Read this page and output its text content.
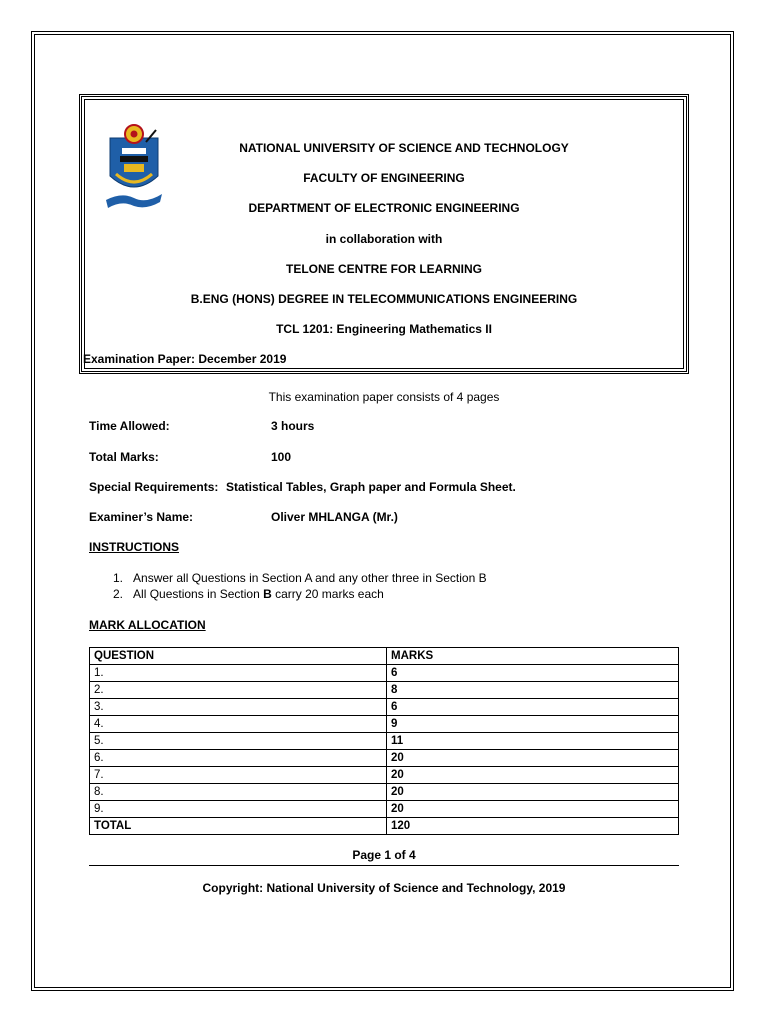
NATIONAL UNIVERSITY OF SCIENCE AND TECHNOLOGY
FACULTY OF ENGINEERING
DEPARTMENT OF ELECTRONIC ENGINEERING
in collaboration with
TELONE CENTRE FOR LEARNING
B.ENG (HONS) DEGREE IN TELECOMMUNICATIONS ENGINEERING
TCL 1201: Engineering Mathematics II
Examination Paper: December 2019
This examination paper consists of 4 pages
Time Allowed:	3 hours
Total Marks:	100
Special Requirements: Statistical Tables, Graph paper and Formula Sheet.
Examiner’s Name:	Oliver MHLANGA (Mr.)
INSTRUCTIONS
1. Answer all Questions in Section A and any other three in Section B
2. All Questions in Section B carry 20 marks each
MARK ALLOCATION
QUESTION	MARKS
1.	6
2.	8
3.	6
4.	9
5.	11
6.	20
7.	20
8.	20
9.	20
TOTAL	120
Page 1 of 4
Copyright: National University of Science and Technology, 2019
